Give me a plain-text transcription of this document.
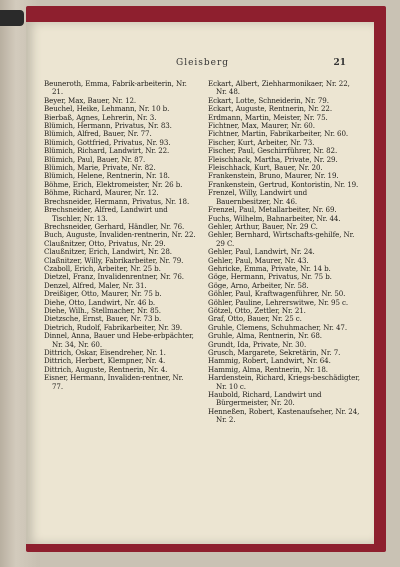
Gleisberg	21

Beuneroth, Emma, Fabrik-arbeiterin, Nr. 21.

Beyer, Max, Bauer, Nr. 12.

Beuchel, Heike, Lehmann, Nr. 10 b.

Bierbaß, Agnes, Lehrerin, Nr. 3.

Blümich, Hermann, Privatus, Nr. 83.

Blümich, Alfred, Bauer, Nr. 77.

Blümich, Gottfried, Privatus, Nr. 93.

Blümich, Richard, Landwirt, Nr. 22.

Blümich, Paul, Bauer, Nr. 87.

Blümich, Marie, Private, Nr. 82.

Blümich, Helene, Rentnerin, Nr. 18.

Böhme, Erich, Elektromeister, Nr. 26 b.

Böhme, Richard, Maurer, Nr. 12.

Brechsneider, Hermann, Privatus, Nr. 18.

Brechsneider, Alfred, Landwirt und Tischler, Nr. 13.

Brechsneider, Gerhard, Händler, Nr. 76.

Buch, Auguste, Invaliden-rentnerin, Nr. 22.

Claußnitzer, Otto, Privatus, Nr. 29.

Claußnitzer, Erich, Landwirt, Nr. 28.

Claßnitzer, Willy, Fabrikarbeiter, Nr. 79.

Czaboll, Erich, Arbeiter, Nr. 25 b.

Dietzel, Franz, Invalidenrentner, Nr. 76.

Denzel, Alfred, Maler, Nr. 31.

Dreißiger, Otto, Maurer, Nr. 75 b.

Diehe, Otto, Landwirt, Nr. 46 b.

Diehe, Wilh., Stellmacher, Nr. 85.

Dietzsche, Ernst, Bauer, Nr. 73 b.

Dietrich, Rudolf, Fabrikarbeiter, Nr. 39.

Dinnel, Anna, Bauer und Hebe-erbpächter, Nr. 34, Nr. 60.

Dittrich, Oskar, Eisendreher, Nr. 1.

Dittrich, Herbert, Klempner, Nr. 4.

Dittrich, Auguste, Rentnerin, Nr. 4.

Eisner, Hermann, Invaliden-rentner, Nr. 77.

Eckart, Albert, Ziehharmonikaer, Nr. 22, Nr. 48.

Eckart, Lotte, Schneiderin, Nr. 79.

Eckart, Auguste, Rentnerin, Nr. 22.

Erdmann, Martin, Meister, Nr. 75.

Fichtner, Max, Maurer, Nr. 60.

Fichtner, Martin, Fabrikarbeiter, Nr. 60.

Fischer, Kurt, Arbeiter, Nr. 73.

Fischer, Paul, Geschirrführer, Nr. 82.

Fleischhack, Martha, Private, Nr. 29.

Fleischhack, Kurt, Bauer, Nr. 20.

Frankenstein, Bruno, Maurer, Nr. 19.

Frankenstein, Gertrud, Kontoristin, Nr. 19.

Frenzel, Willy, Landwirt und Bauernbesitzer, Nr. 46.

Frenzel, Paul, Metallarbeiter, Nr. 69.

Fuchs, Wilhelm, Bahnarbeiter, Nr. 44.

Gehler, Arthur, Bauer, Nr. 29 C.

Gehler, Bernhard, Wirtschafts-gehilfe, Nr. 29 C.

Gehler, Paul, Landwirt, Nr. 24.

Gehler, Paul, Maurer, Nr. 43.

Gehricke, Emma, Private, Nr. 14 b.

Göge, Hermann, Privatus, Nr. 75 b.

Göge, Arno, Arbeiter, Nr. 58.

Göhler, Paul, Kraftwagenführer, Nr. 50.

Göhler, Pauline, Lehrerswitwe, Nr. 95 c.

Götzel, Otto, Zettler, Nr. 21.

Graf, Otto, Bauer, Nr. 25 c.

Gruhle, Clemens, Schuhmacher, Nr. 47.

Gruhle, Alma, Rentnerin, Nr. 68.

Grundt, Ida, Private, Nr. 30.

Grusch, Margarete, Sekretärin, Nr. 7.

Hammig, Robert, Landwirt, Nr. 64.

Hammig, Alma, Rentnerin, Nr. 18.

Hardenstein, Richard, Kriegs-beschädigter, Nr. 10 c.

Haubold, Richard, Landwirt und Bürgermeister, Nr. 20.

Henneßen, Robert, Kastenaufseher, Nr. 24, Nr. 2.
